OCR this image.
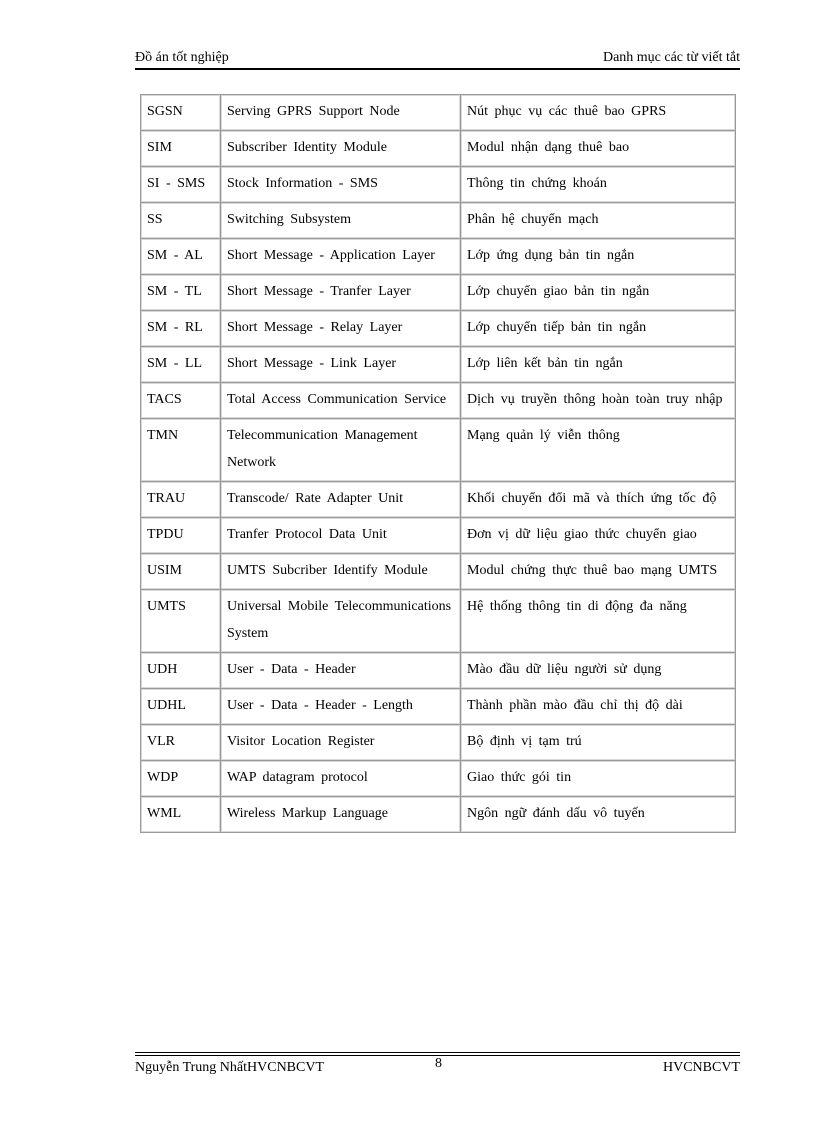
Đồ án tốt nghiệp	Danh mục các từ viết tắt
SGSN	Serving GPRS Support Node	Nút phục vụ các thuê bao GPRS
SIM	Subscriber Identity Module	Modul nhận dạng thuê bao
SI - SMS	Stock Information - SMS	Thông tin chứng khoán
SS	Switching Subsystem	Phân hệ chuyển mạch
SM - AL	Short Message - Application Layer	Lớp ứng dụng bản tin ngắn
SM - TL	Short Message - Tranfer Layer	Lớp chuyển giao bản tin ngắn
SM - RL	Short Message - Relay Layer	Lớp chuyển tiếp bản tin ngắn
SM - LL	Short Message - Link Layer	Lớp liên kết bản tin ngắn
TACS	Total Access Communication Service	Dịch vụ truyền thông hoàn toàn truy nhập
TMN	Telecommunication Management Network	Mạng quản lý viễn thông
TRAU	Transcode/ Rate Adapter Unit	Khối chuyển đổi mã và thích ứng tốc độ
TPDU	Tranfer Protocol Data Unit	Đơn vị dữ liệu giao thức chuyển giao
USIM	UMTS Subcriber Identify Module	Modul chứng thực thuê bao mạng UMTS
UMTS	Universal Mobile Telecommunications System	Hệ thống thông tin di động đa năng
UDH	User - Data - Header	Mào đầu dữ liệu người sử dụng
UDHL	User - Data - Header - Length	Thành phần mào đầu chỉ thị độ dài
VLR	Visitor Location Register	Bộ định vị tạm trú
WDP	WAP datagram protocol	Giao thức gói tin
WML	Wireless Markup Language	Ngôn ngữ đánh dấu vô tuyến
Nguyễn Trung NhấtHVCNBCVT	8	HVCNBCVT
